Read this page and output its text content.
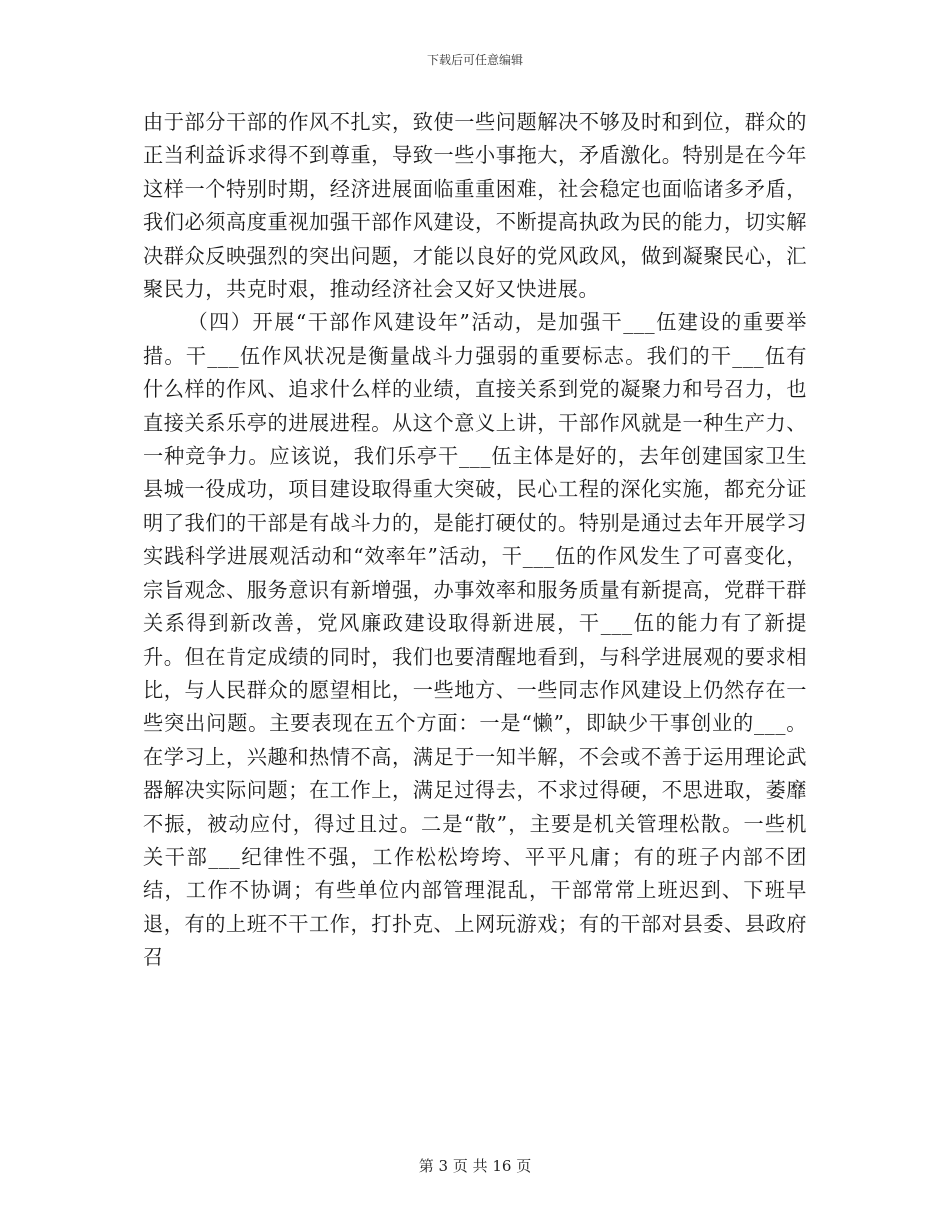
下载后可任意编辑

由于部分干部的作风不扎实，致使一些问题解决不够及时和到位，群众的正当利益诉求得不到尊重，导致一些小事拖大，矛盾激化。特别是在今年这样一个特别时期，经济进展面临重重困难，社会稳定也面临诸多矛盾，我们必须高度重视加强干部作风建设，不断提高执政为民的能力，切实解决群众反映强烈的突出问题，才能以良好的党风政风，做到凝聚民心，汇聚民力，共克时艰，推动经济社会又好又快进展。

（四）开展“干部作风建设年”活动，是加强干___伍建设的重要举措。干___伍作风状况是衡量战斗力强弱的重要标志。我们的干___伍有什么样的作风、追求什么样的业绩，直接关系到党的凝聚力和号召力，也直接关系乐亭的进展进程。从这个意义上讲，干部作风就是一种生产力、一种竞争力。应该说，我们乐亭干___伍主体是好的，去年创建国家卫生县城一役成功，项目建设取得重大突破，民心工程的深化实施，都充分证明了我们的干部是有战斗力的，是能打硬仗的。特别是通过去年开展学习实践科学进展观活动和“效率年”活动，干___伍的作风发生了可喜变化，宗旨观念、服务意识有新增强，办事效率和服务质量有新提高，党群干群关系得到新改善，党风廉政建设取得新进展，干___伍的能力有了新提升。但在肯定成绩的同时，我们也要清醒地看到，与科学进展观的要求相比，与人民群众的愿望相比，一些地方、一些同志作风建设上仍然存在一些突出问题。主要表现在五个方面：一是“懒”，即缺少干事创业的___。在学习上，兴趣和热情不高，满足于一知半解，不会或不善于运用理论武器解决实际问题；在工作上，满足过得去，不求过得硬，不思进取，萎靡不振，被动应付，得过且过。二是“散”，主要是机关管理松散。一些机关干部___纪律性不强，工作松松垮垮、平平凡庸；有的班子内部不团结，工作不协调；有些单位内部管理混乱，干部常常上班迟到、下班早退，有的上班不干工作，打扑克、上网玩游戏；有的干部对县委、县政府召

第 3 页 共 16 页
